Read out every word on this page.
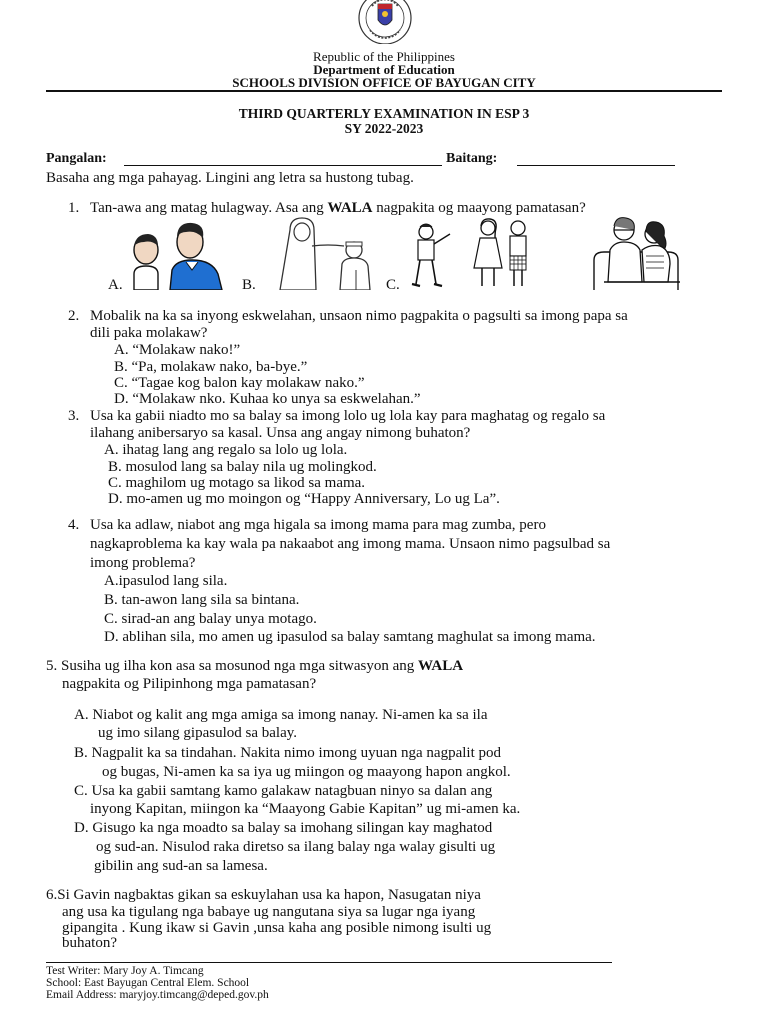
Republic of the Philippines
Department of Education
SCHOOLS DIVISION OFFICE OF BAYUGAN CITY
THIRD QUARTERLY EXAMINATION IN ESP 3
SY 2022-2023
Pangalan:	Baitang:
Basaha ang mga pahayag. Lingini ang letra sa hustong tubag.
1. Tan-awa ang matag hulagway. Asa ang WALA nagpakita og maayong pamatasan?
A.	B.	C.
2. Mobalik na ka sa inyong eskwelahan, unsaon nimo pagpakita o pagsulti sa imong papa sa
dili paka molakaw?
A. “Molakaw nako!”
B. “Pa, molakaw nako, ba-bye.”
C. “Tagae kog balon kay molakaw nako.”
D. “Molakaw nko. Kuhaa ko unya sa eskwelahan.”
3. Usa ka gabii niadto mo sa balay sa imong lolo ug lola kay para maghatag og regalo sa
ilahang anibersaryo sa kasal. Unsa ang angay nimong buhaton?
A. ihatag lang ang regalo sa lolo ug lola.
B. mosulod lang sa balay nila ug molingkod.
C. maghilom ug motago sa likod sa mama.
D. mo-amen ug mo moingon og “Happy Anniversary, Lo ug La”.
4. Usa ka adlaw, niabot ang mga higala sa imong mama para mag zumba, pero
nagkaproblema ka kay wala pa nakaabot ang imong mama. Unsaon nimo pagsulbad sa
imong problema?
A.ipasulod lang sila.
B. tan-awon lang sila sa bintana.
C. sirad-an ang balay unya motago.
D. ablihan sila, mo amen ug ipasulod sa balay samtang maghulat sa imong mama.
5. Susiha ug ilha kon asa sa mosunod nga mga sitwasyon ang WALA
nagpakita og Pilipinhong mga pamatasan?
A. Niabot og kalit ang mga amiga sa imong nanay. Ni-amen ka sa ila
ug imo silang gipasulod sa balay.
B. Nagpalit ka sa tindahan. Nakita nimo imong uyuan nga nagpalit pod
og bugas, Ni-amen ka sa iya ug miingon og maayong hapon angkol.
C. Usa ka gabii samtang kamo galakaw natagbuan ninyo sa dalan ang
inyong Kapitan, miingon ka “Maayong Gabie Kapitan” ug mi-amen ka.
D. Gisugo ka nga moadto sa balay sa imohang silingan kay maghatod
og sud-an. Nisulod raka diretso sa ilang balay nga walay gisulti ug
gibilin ang sud-an sa lamesa.
6.Si Gavin nagbaktas gikan sa eskuylahan usa ka hapon, Nasugatan niya
ang usa ka tigulang nga babaye ug nangutana siya sa lugar nga iyang
gipangita . Kung ikaw si Gavin ,unsa kaha ang posible nimong isulti ug
buhaton?
Test Writer: Mary Joy A. Timcang
School: East Bayugan Central Elem. School
Email Address: maryjoy.timcang@deped.gov.ph
